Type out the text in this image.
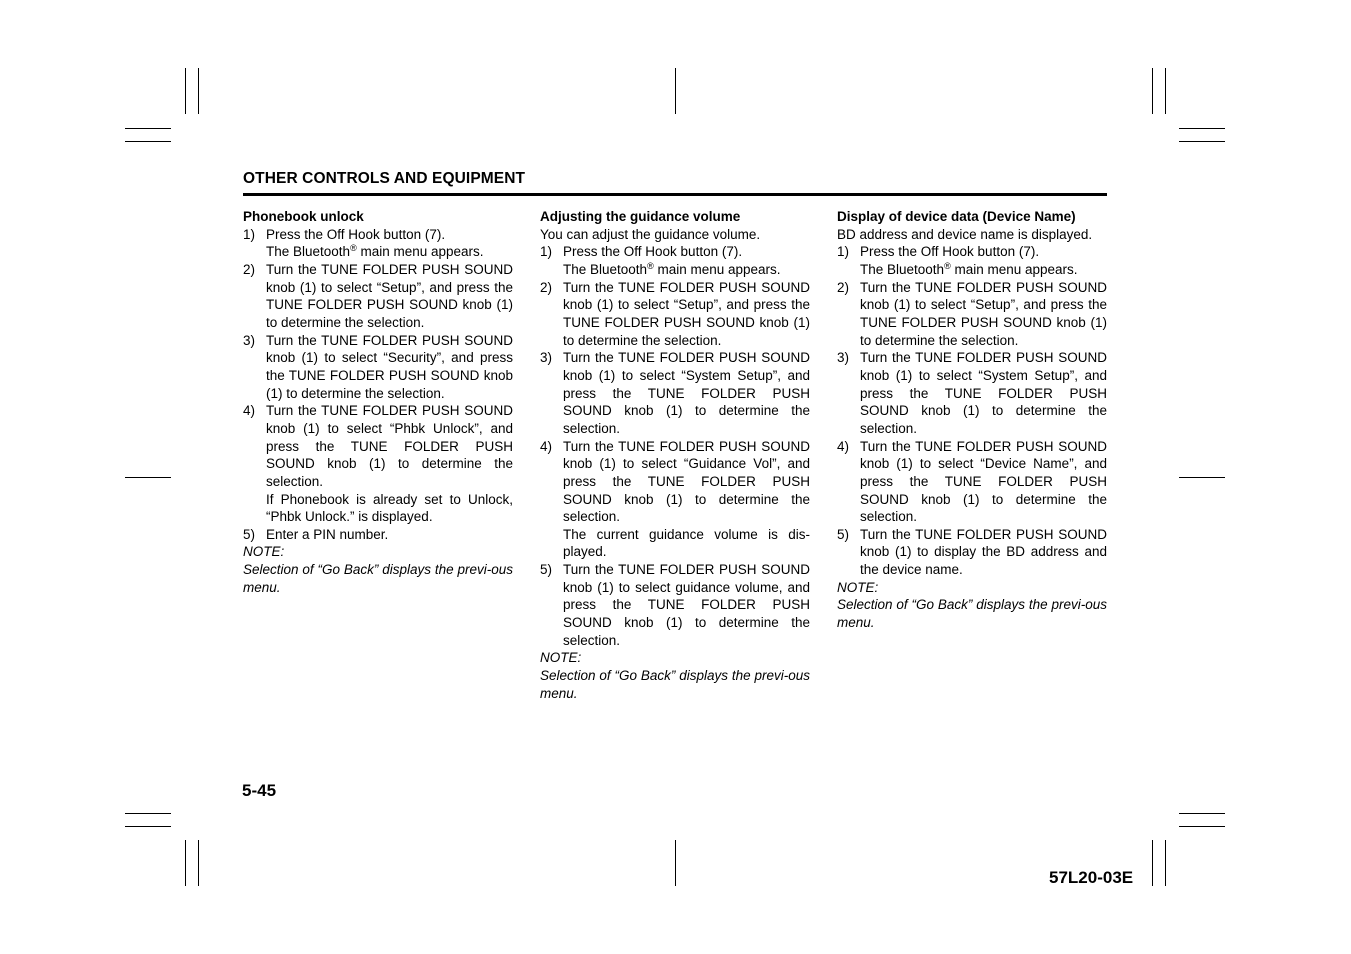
OTHER CONTROLS AND EQUIPMENT
Phonebook unlock
1) Press the Off Hook button (7).
The Bluetooth® main menu appears.
2) Turn the TUNE FOLDER PUSH SOUND knob (1) to select “Setup”, and press the TUNE FOLDER PUSH SOUND knob (1) to determine the selection.
3) Turn the TUNE FOLDER PUSH SOUND knob (1) to select “Security”, and press the TUNE FOLDER PUSH SOUND knob (1) to determine the selection.
4) Turn the TUNE FOLDER PUSH SOUND knob (1) to select “Phbk Unlock”, and press the TUNE FOLDER PUSH SOUND knob (1) to determine the selection.
If Phonebook is already set to Unlock, “Phbk Unlock.” is displayed.
5) Enter a PIN number.

NOTE:

Selection of “Go Back” displays the previ-ous menu.

Adjusting the guidance volume

You can adjust the guidance volume.

1) Press the Off Hook button (7).
The Bluetooth® main menu appears.
2) Turn the TUNE FOLDER PUSH SOUND knob (1) to select “Setup”, and press the TUNE FOLDER PUSH SOUND knob (1) to determine the selection.
3) Turn the TUNE FOLDER PUSH SOUND knob (1) to select “System Setup”, and press the TUNE FOLDER PUSH SOUND knob (1) to determine the selection.
4) Turn the TUNE FOLDER PUSH SOUND knob (1) to select “Guidance Vol”, and press the TUNE FOLDER PUSH SOUND knob (1) to determine the selection.
The current guidance volume is dis-played.
5) Turn the TUNE FOLDER PUSH SOUND knob (1) to select guidance volume, and press the TUNE FOLDER PUSH SOUND knob (1) to determine the selection.

NOTE:

Selection of “Go Back” displays the previ-ous menu.

Display of device data (Device Name)

BD address and device name is displayed.

1) Press the Off Hook button (7).
The Bluetooth® main menu appears.
2) Turn the TUNE FOLDER PUSH SOUND knob (1) to select “Setup”, and press the TUNE FOLDER PUSH SOUND knob (1) to determine the selection.
3) Turn the TUNE FOLDER PUSH SOUND knob (1) to select “System Setup”, and press the TUNE FOLDER PUSH SOUND knob (1) to determine the selection.
4) Turn the TUNE FOLDER PUSH SOUND knob (1) to select “Device Name”, and press the TUNE FOLDER PUSH SOUND knob (1) to determine the selection.
5) Turn the TUNE FOLDER PUSH SOUND knob (1) to display the BD address and the device name.

NOTE:

Selection of “Go Back” displays the previ-ous menu.

5-45
57L20-03E
